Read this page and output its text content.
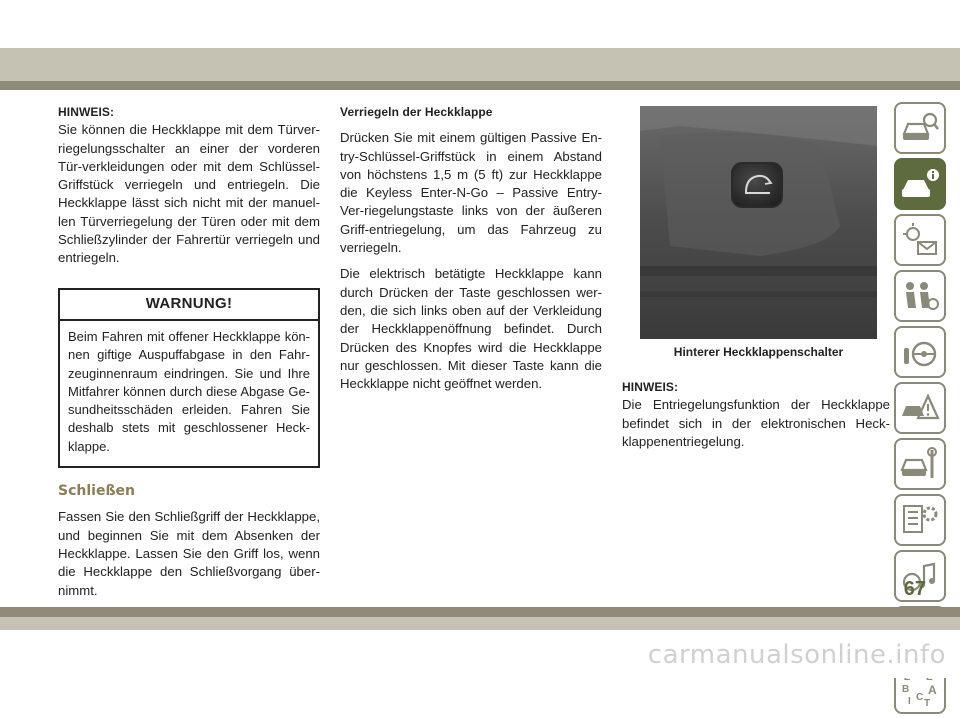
HINWEIS:

Sie können die Heckklappe mit dem Türver-riegelungsschalter an einer der vorderen Tür-verkleidungen oder mit dem Schlüssel-Griffstück verriegeln und entriegeln. Die Heckklappe lässt sich nicht mit der manuel-len Türverriegelung der Türen oder mit dem Schließzylinder der Fahrertür verriegeln und entriegeln.

WARNUNG!
Beim Fahren mit offener Heckklappe kön-nen giftige Auspuffabgase in den Fahr-zeuginnenraum eindringen. Sie und Ihre Mitfahrer können durch diese Abgase Ge-sundheitsschäden erleiden. Fahren Sie deshalb stets mit geschlossener Heck-klappe.
Schließen

Fassen Sie den Schließgriff der Heckklappe, und beginnen Sie mit dem Absenken der Heckklappe. Lassen Sie den Griff los, wenn die Heckklappe den Schließvorgang über-nimmt.

Verriegeln der Heckklappe

Drücken Sie mit einem gültigen Passive En-try-Schlüssel-Griffstück in einem Abstand von höchstens 1,5 m (5 ft) zur Heckklappe die Keyless Enter-N-Go – Passive Entry-Ver-riegelungstaste links von der äußeren Griff-entriegelung, um das Fahrzeug zu verriegeln.

Die elektrisch betätigte Heckklappe kann durch Drücken der Taste geschlossen wer-den, die sich links oben auf der Verkleidung der Heckklappenöffnung befindet. Durch Drücken des Knopfes wird die Heckklappe nur geschlossen. Mit dieser Taste kann die Heckklappe nicht geöffnet werden.

Hinterer Heckklappenschalter
HINWEIS:

Die Entriegelungsfunktion der Heckklappe befindet sich in der elektronischen Heck-klappenentriegelung.

B A
I C
T
67
carmanualsonline.info
